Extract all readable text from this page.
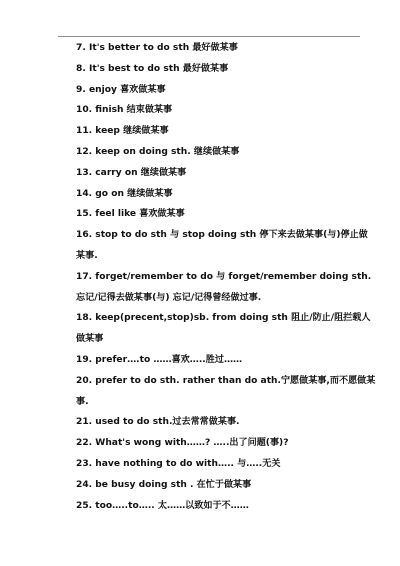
7. It's better to do sth 最好做某事

8. It's best to do sth 最好做某事

9. enjoy 喜欢做某事

10. finish 结束做某事

11. keep 继续做某事

12. keep on doing sth. 继续做某事

13. carry on 继续做某事

14. go on 继续做某事

15. feel like 喜欢做某事

16. stop to do sth 与 stop doing sth 停下来去做某事(与)停止做某事.

17. forget/remember to do 与 forget/remember doing sth.忘记/记得去做某事(与) 忘记/记得曾经做过事.

18. keep(precent,stop)sb. from doing sth 阻止/防止/阻拦载人做某事

19. prefer….to ……喜欢…..胜过……

20. prefer to do sth. rather than do ath.宁愿做某事,而不愿做某事.

21. used to do sth.过去常常做某事.

22. What's wong with……? …..出了问题(事)?

23. have nothing to do with….. 与…..无关

24. be busy doing sth . 在忙于做某事

25. too…..to….. 太……以致如于不……
